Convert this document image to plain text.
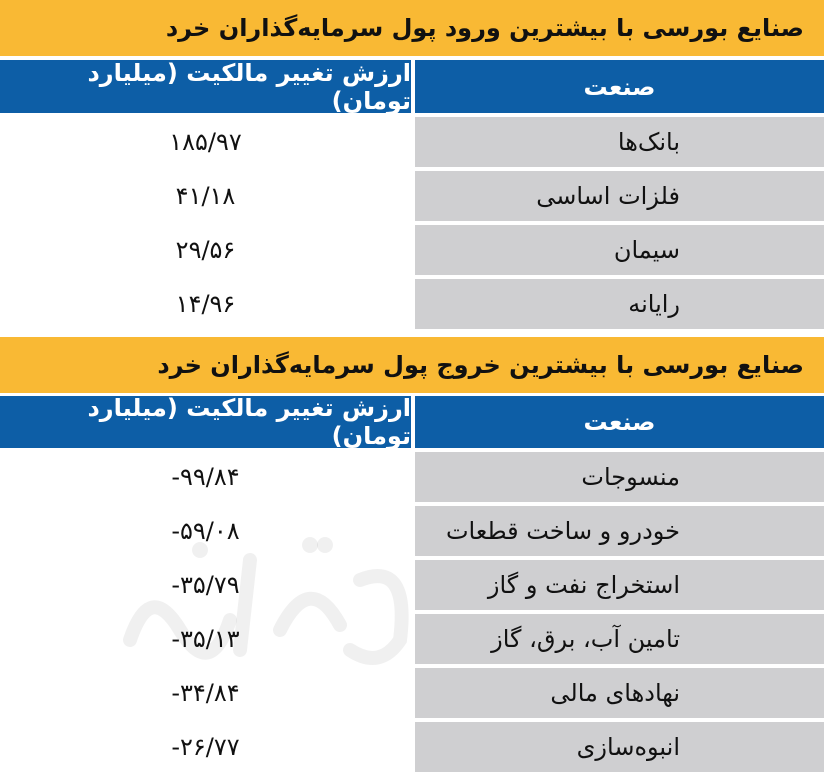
صنایع بورسی با بیشترین ورود پول سرمایه‌گذاران خرد
ارزش تغییر مالکیت (میلیارد تومان)	صنعت
۱۸۵/۹۷	بانک‌ها
۴۱/۱۸	فلزات اساسی
۲۹/۵۶	سیمان
۱۴/۹۶	رایانه
صنایع بورسی با بیشترین خروج پول سرمایه‌گذاران خرد
ارزش تغییر مالکیت (میلیارد تومان)	صنعت
-۹۹/۸۴	منسوجات
-۵۹/۰۸	خودرو و ساخت قطعات
-۳۵/۷۹	استخراج نفت و گاز
-۳۵/۱۳	تامین آب، برق، گاز
-۳۴/۸۴	نهادهای مالی
-۲۶/۷۷	انبوه‌سازی
